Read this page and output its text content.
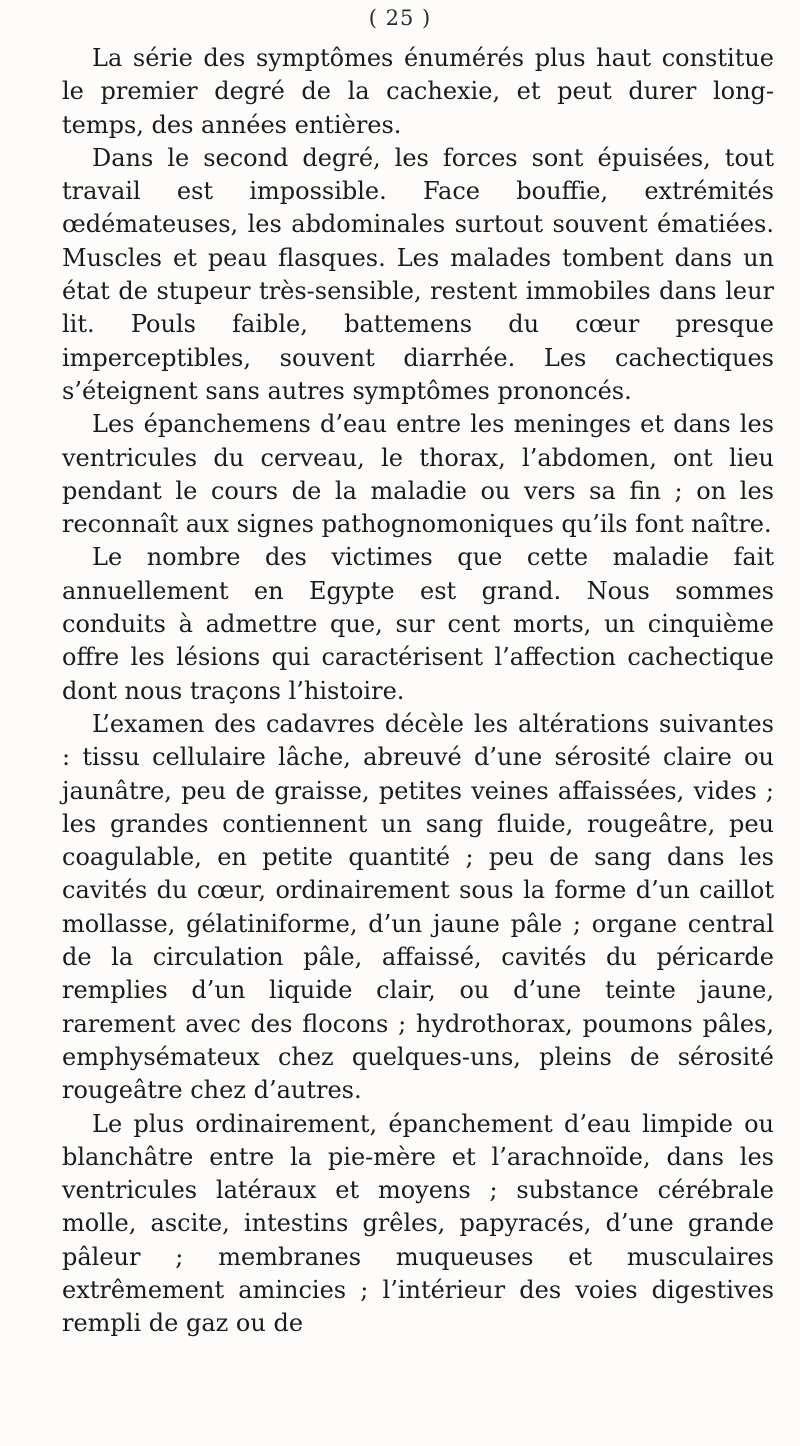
( 25 )

La série des symptômes énumérés plus haut constitue le premier degré de la cachexie, et peut durer long-temps, des années entières.

Dans le second degré, les forces sont épuisées, tout travail est impossible. Face bouffie, extrémités œdémateuses, les abdominales surtout souvent ématiées. Muscles et peau flasques. Les malades tombent dans un état de stupeur très-sensible, restent immobiles dans leur lit. Pouls faible, battemens du cœur presque imperceptibles, souvent diarrhée. Les cachectiques s’éteignent sans autres symptômes prononcés.

Les épanchemens d’eau entre les meninges et dans les ventricules du cerveau, le thorax, l’abdomen, ont lieu pendant le cours de la maladie ou vers sa fin ; on les reconnaît aux signes pathognomoniques qu’ils font naître.

Le nombre des victimes que cette maladie fait annuellement en Egypte est grand. Nous sommes conduits à admettre que, sur cent morts, un cinquième offre les lésions qui caractérisent l’affection cachectique dont nous traçons l’histoire.

L’examen des cadavres décèle les altérations suivantes : tissu cellulaire lâche, abreuvé d’une sérosité claire ou jaunâtre, peu de graisse, petites veines affaissées, vides ; les grandes contiennent un sang fluide, rougeâtre, peu coagulable, en petite quantité ; peu de sang dans les cavités du cœur, ordinairement sous la forme d’un caillot mollasse, gélatiniforme, d’un jaune pâle ; organe central de la circulation pâle, affaissé, cavités du péricarde remplies d’un liquide clair, ou d’une teinte jaune, rarement avec des flocons ; hydrothorax, poumons pâles, emphysémateux chez quelques-uns, pleins de sérosité rougeâtre chez d’autres.

Le plus ordinairement, épanchement d’eau limpide ou blanchâtre entre la pie-mère et l’arachnoïde, dans les ventricules latéraux et moyens ; substance cérébrale molle, ascite, intestins grêles, papyracés, d’une grande pâleur ; membranes muqueuses et musculaires extrêmement amincies ; l’intérieur des voies digestives rempli de gaz ou de
